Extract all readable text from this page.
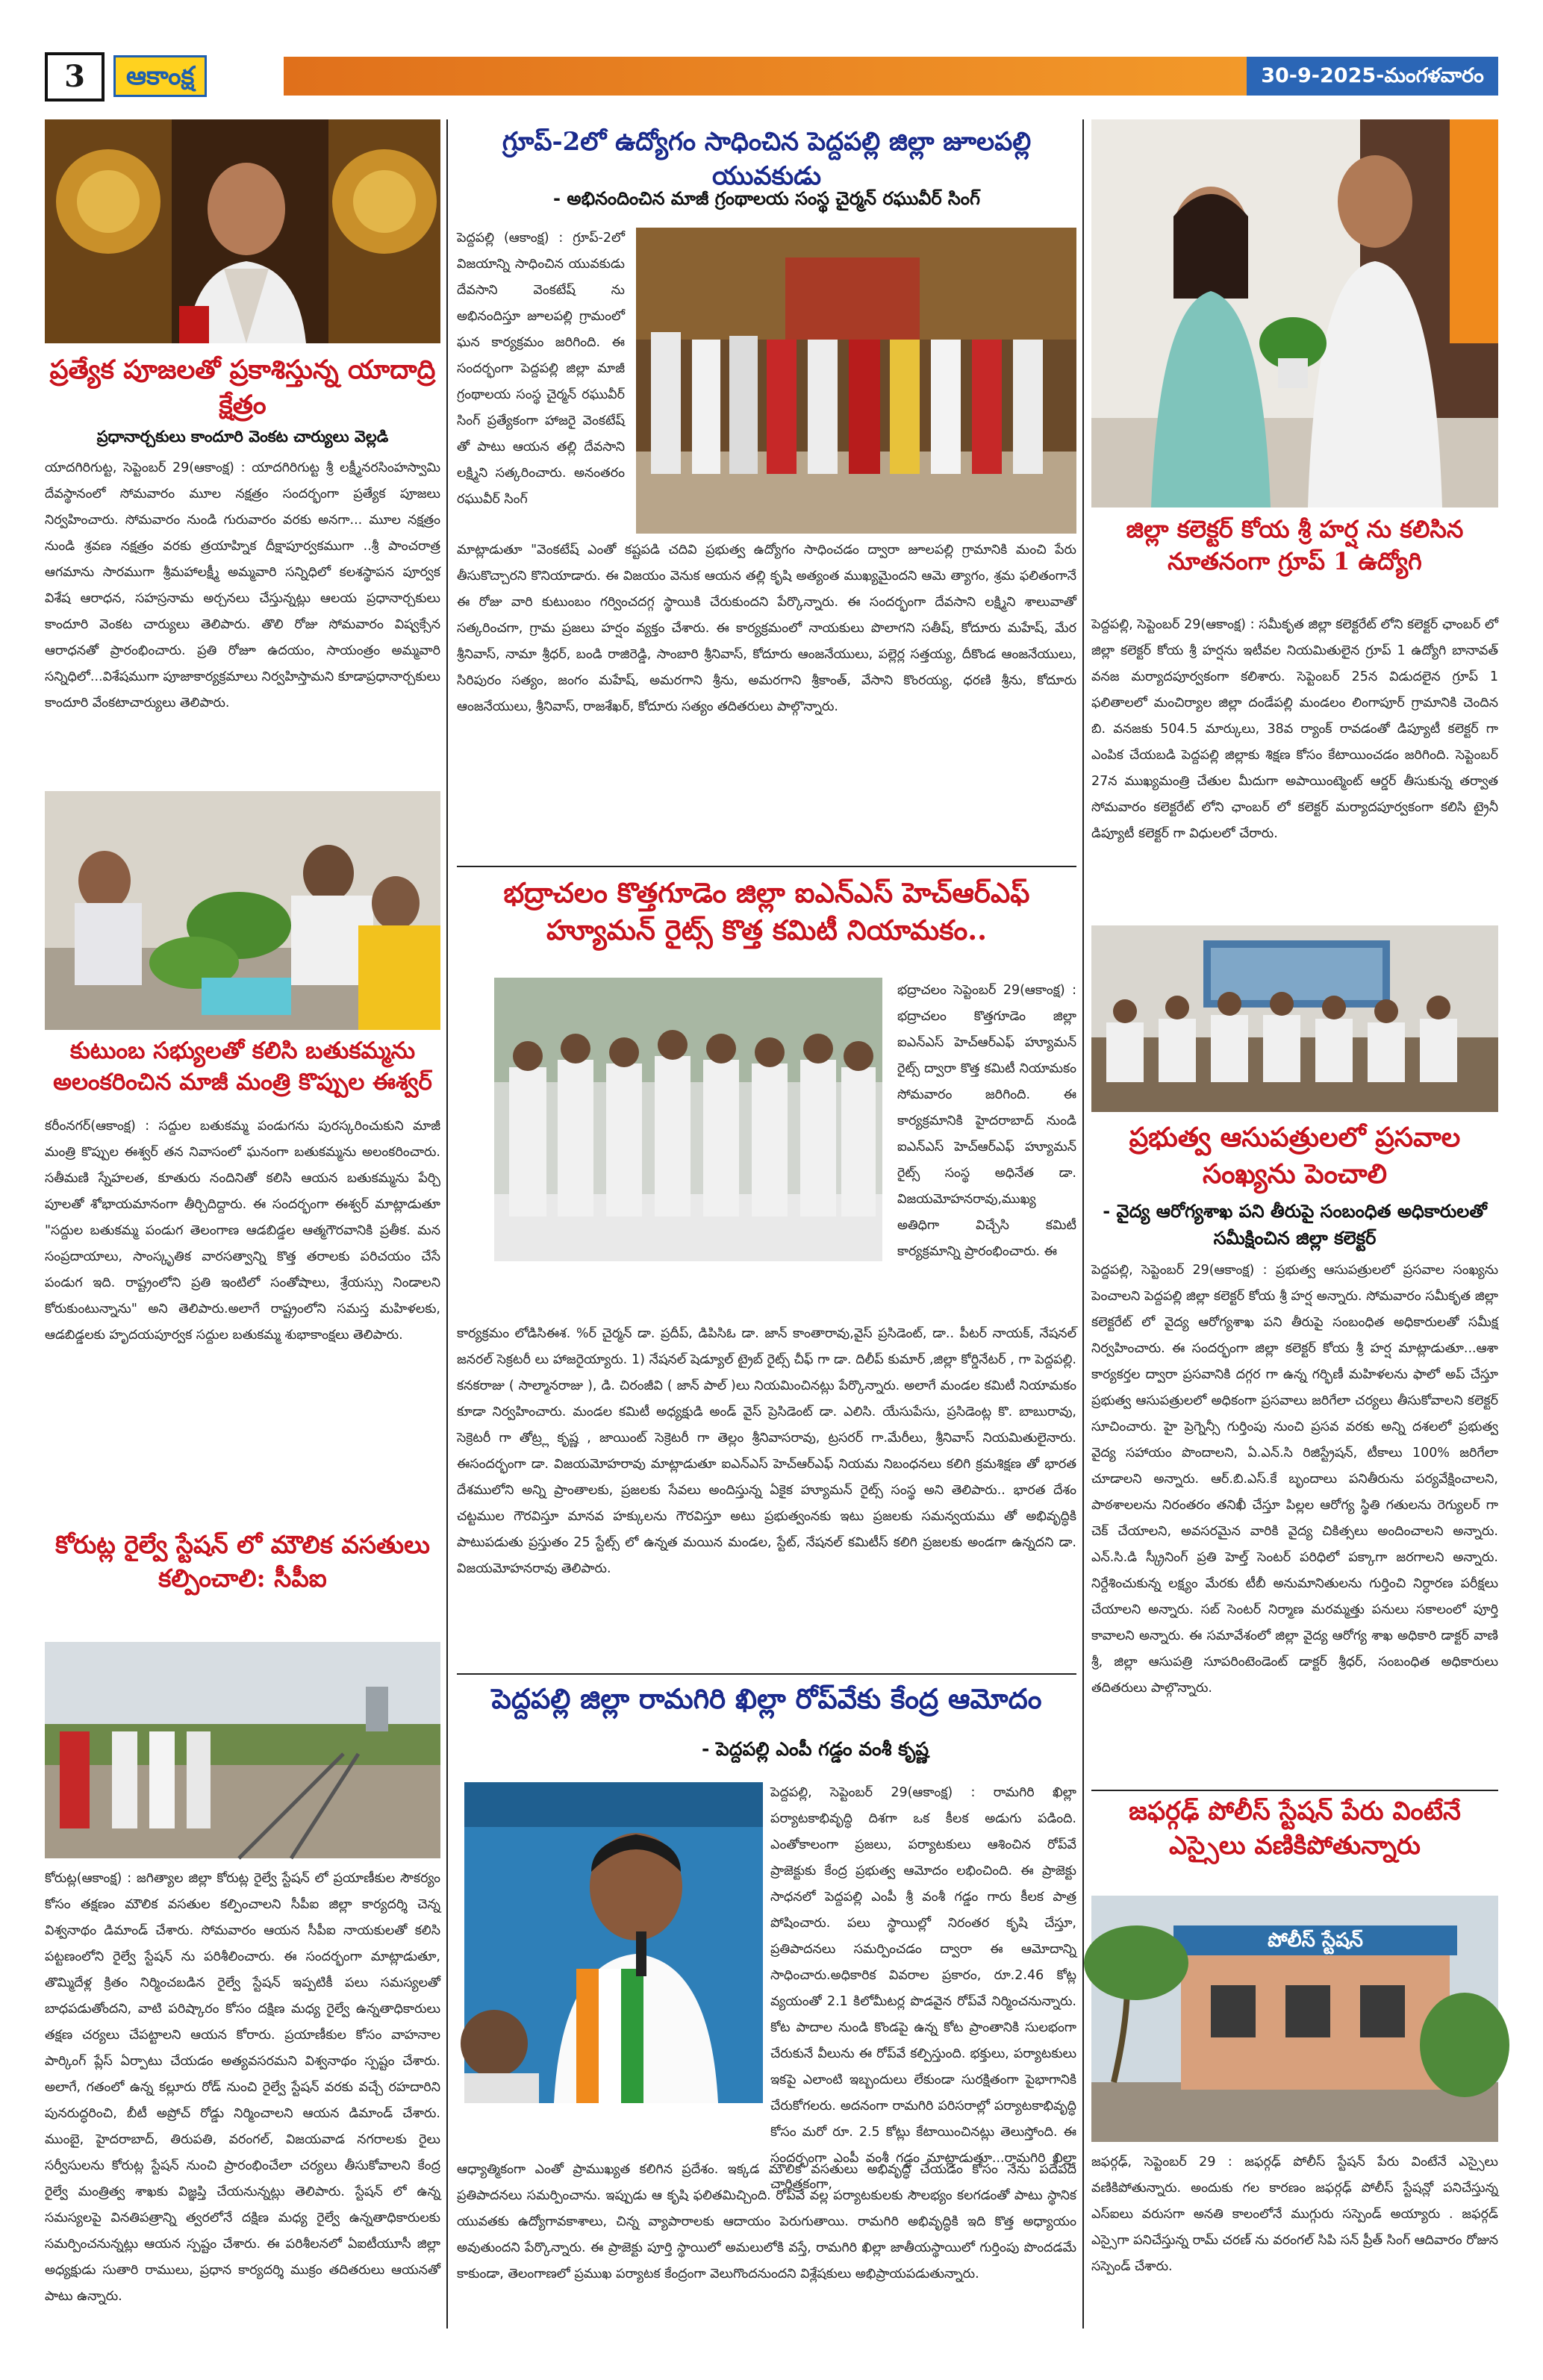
3	ఆకాంక్ష	30-9-2025-మంగళవారం
ప్రత్యేక పూజలతో ప్రకాశిస్తున్న యాదాద్రి క్షేత్రం
ప్రధానార్చకులు కాందూరి వెంకట చార్యులు వెల్లడి
యాదగిరిగుట్ట, సెప్టెంబర్ 29(ఆకాంక్ష) : యాదగిరిగుట్ట శ్రీ లక్ష్మీనరసింహస్వామి దేవస్థానంలో సోమవారం మూల నక్షత్రం సందర్భంగా ప్రత్యేక పూజలు నిర్వహించారు. సోమవారం నుండి గురువారం వరకు అనగా... మూల నక్షత్రం నుండి శ్రవణ నక్షత్రం వరకు త్రయాహ్నిక దీక్షాపూర్వకముగా ..శ్రీ పాంచరాత్ర ఆగమాను సారముగా శ్రీమహాలక్ష్మీ అమ్మవారి సన్నిధిలో కలశస్థాపన పూర్వక విశేష ఆరాధన, సహస్రనామ అర్చనలు చేస్తున్నట్లు ఆలయ ప్రధానార్చకులు కాందూరి వెంకట చార్యులు తెలిపారు. తొలి రోజు సోమవారం విష్వక్సేన ఆరాధనతో ప్రారంభించారు. ప్రతి రోజూ ఉదయం, సాయంత్రం అమ్మవారి సన్నిధిలో...విశేషముగా పూజాకార్యక్రమాలు నిర్వహిస్తామని కూడాప్రధానార్చకులు కాందూరి వేంకటాచార్యులు తెలిపారు.
కుటుంబ సభ్యులతో కలిసి బతుకమ్మను అలంకరించిన మాజీ మంత్రి కొప్పుల ఈశ్వర్
కరీంనగర్(ఆకాంక్ష) : సద్దుల బతుకమ్మ పండుగను పురస్కరించుకుని మాజీ మంత్రి కొప్పుల ఈశ్వర్ తన నివాసంలో ఘనంగా బతుకమ్మను అలంకరించారు. సతీమణి స్నేహలత, కూతురు నందినితో కలిసి ఆయన బతుకమ్మను పేర్చి పూలతో శోభాయమానంగా తీర్చిదిద్దారు. ఈ సందర్భంగా ఈశ్వర్ మాట్లాడుతూ "సద్దుల బతుకమ్మ పండుగ తెలంగాణ ఆడబిడ్డల ఆత్మగౌరవానికి ప్రతీక. మన సంప్రదాయాలు, సాంస్కృతిక వారసత్వాన్ని కొత్త తరాలకు పరిచయం చేసే పండుగ ఇది. రాష్ట్రంలోని ప్రతి ఇంటిలో సంతోషాలు, శ్రేయస్సు నిండాలని కోరుకుంటున్నాను" అని తెలిపారు.అలాగే రాష్ట్రంలోని సమస్త మహిళలకు, ఆడబిడ్డలకు హృదయపూర్వక సద్దుల బతుకమ్మ శుభాకాంక్షలు తెలిపారు.
కోరుట్ల రైల్వే స్టేషన్ లో మౌలిక వసతులు కల్పించాలి: సీపీఐ
కోరుట్ల(ఆకాంక్ష) : జగిత్యాల జిల్లా కోరుట్ల రైల్వే స్టేషన్ లో ప్రయాణీకుల సౌకర్యం కోసం తక్షణం మౌలిక వసతుల కల్పించాలని సీపీఐ జిల్లా కార్యదర్శి చెన్న విశ్వనాథం డిమాండ్ చేశారు. సోమవారం ఆయన సీపీఐ నాయకులతో కలిసి పట్టణంలోని రైల్వే స్టేషన్ ను పరిశీలించారు. ఈ సందర్భంగా మాట్లాడుతూ, తొమ్మిదేళ్ల క్రితం నిర్మించబడిన రైల్వే స్టేషన్ ఇప్పటికీ పలు సమస్యలతో బాధపడుతోందని, వాటి పరిష్కారం కోసం దక్షిణ మధ్య రైల్వే ఉన్నతాధికారులు తక్షణ చర్యలు చేపట్టాలని ఆయన కోరారు. ప్రయాణీకుల కోసం వాహనాల పార్కింగ్ ప్లేస్ ఏర్పాటు చేయడం అత్యవసరమని విశ్వనాథం స్పష్టం చేశారు. అలాగే, గతంలో ఉన్న కల్లూరు రోడ్ నుంచి రైల్వే స్టేషన్ వరకు వచ్చే రహదారిని పునరుద్ధరించి, బీటీ అప్రోచ్ రోడ్డు నిర్మించాలని ఆయన డిమాండ్ చేశారు. ముంబై, హైదరాబాద్, తిరుపతి, వరంగల్, విజయవాడ నగరాలకు రైలు సర్వీసులను కోరుట్ల స్టేషన్ నుంచి ప్రారంభించేలా చర్యలు తీసుకోవాలని కేంద్ర రైల్వే మంత్రిత్వ శాఖకు విజ్ఞప్తి చేయనున్నట్లు తెలిపారు. స్టేషన్ లో ఉన్న సమస్యలపై వినతిపత్రాన్ని త్వరలోనే దక్షిణ మధ్య రైల్వే ఉన్నతాధికారులకు సమర్పించనున్నట్లు ఆయన స్పష్టం చేశారు. ఈ పరిశీలనలో ఏఐటీయూసీ జిల్లా అధ్యక్షుడు సుతారి రాములు, ప్రధాన కార్యదర్శి ముక్రం తదితరులు ఆయనతో పాటు ఉన్నారు.
గ్రూప్-2లో ఉద్యోగం సాధించిన పెద్దపల్లి జిల్లా జూలపల్లి యువకుడు
- అభినందించిన మాజీ గ్రంథాలయ సంస్థ చైర్మన్ రఘువీర్ సింగ్
పెద్దపల్లి (ఆకాంక్ష) : గ్రూప్-2లో విజయాన్ని సాధించిన యువకుడు దేవసాని వెంకటేష్ ను అభినందిస్తూ జూలపల్లి గ్రామంలో ఘన కార్యక్రమం జరిగింది. ఈ సందర్భంగా పెద్దపల్లి జిల్లా మాజీ గ్రంథాలయ సంస్థ చైర్మన్ రఘువీర్ సింగ్ ప్రత్యేకంగా హాజరై వెంకటేష్ తో పాటు ఆయన తల్లి దేవసాని లక్ష్మిని సత్కరించారు. అనంతరం రఘువీర్ సింగ్
మాట్లాడుతూ "వెంకటేష్ ఎంతో కష్టపడి చదివి ప్రభుత్వ ఉద్యోగం సాధించడం ద్వారా జూలపల్లి గ్రామానికి మంచి పేరు తీసుకొచ్చారని కొనియాడారు. ఈ విజయం వెనుక ఆయన తల్లి కృషి అత్యంత ముఖ్యమైందని ఆమె త్యాగం, శ్రమ ఫలితంగానే ఈ రోజు వారి కుటుంబం గర్వించదగ్గ స్థాయికి చేరుకుందని పేర్కొన్నారు. ఈ సందర్భంగా దేవసాని లక్ష్మిని శాలువాతో సత్కరించగా, గ్రామ ప్రజలు హర్షం వ్యక్తం చేశారు. ఈ కార్యక్రమంలో నాయకులు పొలాగని సతీష్, కోదూరు మహేష్, మేర శ్రీనివాస్, నామా శ్రీధర్, బండి రాజిరెడ్డి, సాంబారి శ్రీనివాస్, కోదూరు ఆంజనేయులు, పల్లెర్ల సత్తయ్య, దీకొండ ఆంజనేయులు, సిరిపురం సత్యం, జంగం మహేష్, అమరగాని శ్రీను, అమరగాని శ్రీకాంత్, వేసాని కొంరయ్య, ధరణి శ్రీను, కోదూరు ఆంజనేయులు, శ్రీనివాస్, రాజశేఖర్, కోదూరు సత్యం తదితరులు పాల్గొన్నారు.
భద్రాచలం కొత్తగూడెం జిల్లా ఐఎన్ఎస్ హెచ్ఆర్ఎఫ్ హ్యూమన్ రైట్స్ కొత్త కమిటీ నియామకం..
భద్రాచలం సెప్టెంబర్ 29(ఆకాంక్ష) : భద్రాచలం కొత్తగూడెం జిల్లా ఐఎన్ఎస్ హెచ్ఆర్ఎఫ్ హ్యూమన్ రైట్స్ ద్వారా కొత్త కమిటీ నియామకం సోమవారం జరిగింది. ఈ కార్యక్రమానికి హైదరాబాద్ నుండి ఐఎన్ఎస్ హెచ్ఆర్ఎఫ్ హ్యూమన్ రైట్స్ సంస్థ అధినేత డా. విజయమోహనరావు,ముఖ్య అతిధిగా విచ్చేసి కమిటీ కార్యక్రమాన్ని ప్రారంభించారు. ఈ
కార్యక్రమం లోడిసిఈశ. %ర్ చైర్మన్ డా. ప్రదీప్, డిపిసిఓ డా. జాన్ కాంతారావు,వైస్ ప్రసిడెంట్, డా.. పీటర్ నాయక్, నేషనల్ జనరల్ సెక్రటరీ లు హాజరైయ్యారు. 1) నేషనల్ షెడ్యూల్ ట్రైబ్ రైట్స్ చీఫ్ గా డా. దిలీప్ కుమార్ ,జిల్లా కోర్డినేటర్ , గా పెద్దపల్లి. కనకరాజు ( సాల్మానరాజు ), డి. చిరంజీవి ( జాన్ పాల్ )లు నియమించినట్లు పేర్కొన్నారు. అలాగే మండల కమిటీ నియామకం కూడా నిర్వహించారు. మండల కమిటీ అధ్యక్షుడి అండ్ వైస్ ప్రెసిడెంట్ డా. ఎలిసి. యేసుపేసు, ప్రసిడెంట్ల కొ. బాబురావు, సెక్రెటరీ గా తోట్ర్ల కృష్ణ , జాయింట్ సెక్రెటరీ గా తెల్లం శ్రీనివాసరావు, ట్రసరర్ గా.మేరీలు, శ్రీనివాస్ నియమితులైనారు. ఈసందర్భంగా డా. విజయమోహరావు మాట్లాడుతూ ఐఎన్ఎస్ హెచ్ఆర్ఎఫ్ నియమ నిబంధనలు కలిగి క్రమశిక్షణ తో భారత దేశములోని అన్ని ప్రాంతాలకు, ప్రజలకు సేవలు అందిస్తున్న ఏకైక హ్యూమన్ రైట్స్ సంస్థ అని తెలిపారు.. భారత దేశం చట్టముల గౌరవిస్తూ మానవ హక్కులను గౌరవిస్తూ అటు ప్రభుత్వంనకు ఇటు ప్రజలకు సమన్వయము తో అభివృద్ధికి పాటుపడుతు ప్రస్తుతం 25 స్టేట్స్ లో ఉన్నత మయిన మండల, స్టేట్, నేషనల్ కమిటీస్ కలిగి ప్రజలకు అండగా ఉన్నదని డా. విజయమోహనరావు తెలిపారు.
పెద్దపల్లి జిల్లా రామగిరి ఖిల్లా రోప్‌వేకు కేంద్ర ఆమోదం
- పెద్దపల్లి ఎంపీ గడ్డం వంశీ కృష్ణ
పెద్దపల్లి, సెప్టెంబర్ 29(ఆకాంక్ష) : రామగిరి ఖిల్లా పర్యాటకాభివృద్ధి దిశగా ఒక కీలక అడుగు పడింది. ఎంతోకాలంగా ప్రజలు, పర్యాటకులు ఆశించిన రోప్‌వే ప్రాజెక్టుకు కేంద్ర ప్రభుత్వ ఆమోదం లభించింది. ఈ ప్రాజెక్టు సాధనలో పెద్దపల్లి ఎంపీ శ్రీ వంశీ గడ్డం గారు కీలక పాత్ర పోషించారు. పలు స్థాయిల్లో నిరంతర కృషి చేస్తూ, ప్రతిపాదనలు సమర్పించడం ద్వారా ఈ ఆమోదాన్ని సాధించారు.అధికారిక వివరాల ప్రకారం, రూ.2.46 కోట్ల వ్యయంతో 2.1 కిలోమీటర్ల పొడవైన రోప్‌వే నిర్మించనున్నారు. కోట పాదాల నుండి కొండపై ఉన్న కోట ప్రాంతానికి సులభంగా చేరుకునే వీలును ఈ రోప్‌వే కల్పిస్తుంది. భక్తులు, పర్యాటకులు ఇకపై ఎలాంటి ఇబ్బందులు లేకుండా సురక్షితంగా పైభాగానికి చేరుకోగలరు. అదనంగా రామగిరి పరిసరాల్లో పర్యాటకాభివృద్ధి కోసం మరో రూ. 2.5 కోట్లు కేటాయించినట్లు తెలుస్తోంది. ఈ సందర్భంగా ఎంపీ వంశీ గడ్డం మాట్లాడుతూ...రామగిరి ఖిల్లా చారిత్రకంగా,
ఆధ్యాత్మికంగా ఎంతో ప్రాముఖ్యత కలిగిన ప్రదేశం. ఇక్కడ మౌలిక వసతులు అభివృద్ధి చేయడం కోసం నేను పదేపదే ప్రతిపాదనలు సమర్పించాను. ఇప్పుడు ఆ కృషి ఫలితమిచ్చింది. రోప్‌వే వల్ల పర్యాటకులకు సౌలభ్యం కలగడంతో పాటు స్థానిక యువతకు ఉద్యోగావకాశాలు, చిన్న వ్యాపారాలకు ఆదాయం పెరుగుతాయి. రామగిరి అభివృద్ధికి ఇది కొత్త అధ్యాయం అవుతుందని పేర్కొన్నారు. ఈ ప్రాజెక్టు పూర్తి స్థాయిలో అమలులోకి వస్తే, రామగిరి ఖిల్లా జాతీయస్థాయిలో గుర్తింపు పొందడమే కాకుండా, తెలంగాణలో ప్రముఖ పర్యాటక కేంద్రంగా వెలుగొందనుందని విశ్లేషకులు అభిప్రాయపడుతున్నారు.
జిల్లా కలెక్టర్ కోయ శ్రీ హర్ష ను కలిసిన నూతనంగా గ్రూప్ 1 ఉద్యోగి
పెద్దపల్లి, సెప్టెంబర్ 29(ఆకాంక్ష) : సమీకృత జిల్లా కలెక్టరేట్ లోని కలెక్టర్ ఛాంబర్ లో జిల్లా కలెక్టర్ కోయ శ్రీ హర్షను ఇటీవల నియమితులైన గ్రూప్ 1 ఉద్యోగి బానావత్ వనజ మర్యాదపూర్వకంగా కలిశారు. సెప్టెంబర్ 25న విడుదలైన గ్రూప్ 1 ఫలితాలలో మంచిర్యాల జిల్లా దండేపల్లి మండలం లింగాపూర్ గ్రామానికి చెందిన బి. వనజకు 504.5 మార్కులు, 38వ ర్యాంక్ రావడంతో డిప్యూటీ కలెక్టర్ గా ఎంపిక చేయబడి పెద్దపల్లి జిల్లాకు శిక్షణ కోసం కేటాయించడం జరిగింది. సెప్టెంబర్ 27న ముఖ్యమంత్రి చేతుల మీదుగా అపాయింట్మెంట్ ఆర్డర్ తీసుకున్న తర్వాత సోమవారం కలెక్టరేట్ లోని ఛాంబర్ లో కలెక్టర్ మర్యాదపూర్వకంగా కలిసి ట్రైనీ డిప్యూటీ కలెక్టర్ గా విధులలో చేరారు.
ప్రభుత్వ ఆసుపత్రులలో ప్రసవాల సంఖ్యను పెంచాలి
- వైద్య ఆరోగ్యశాఖ పని తీరుపై సంబంధిత అధికారులతో సమీక్షించిన జిల్లా కలెక్టర్
పెద్దపల్లి, సెప్టెంబర్ 29(ఆకాంక్ష) : ప్రభుత్వ ఆసుపత్రులలో ప్రసవాల సంఖ్యను పెంచాలని పెద్దపల్లి జిల్లా కలెక్టర్ కోయ శ్రీ హర్ష అన్నారు. సోమవారం సమీకృత జిల్లా కలెక్టరేట్ లో వైద్య ఆరోగ్యశాఖ పని తీరుపై సంబంధిత అధికారులతో సమీక్ష నిర్వహించారు. ఈ సందర్భంగా జిల్లా కలెక్టర్ కోయ శ్రీ హర్ష మాట్లాడుతూ...ఆశా కార్యకర్తల ద్వారా ప్రసవానికి దగ్గర గా ఉన్న గర్భిణీ మహిళలను ఫాలో అప్ చేస్తూ ప్రభుత్వ ఆసుపత్రులలో అధికంగా ప్రసవాలు జరిగేలా చర్యలు తీసుకోవాలని కలెక్టర్ సూచించారు. హై ప్రెగ్నెన్సీ గుర్తింపు నుంచి ప్రసవ వరకు అన్ని దశలలో ప్రభుత్వ వైద్య సహాయం పొందాలని, ఏ.ఎన్.సి రిజిస్ట్రేషన్, టీకాలు 100% జరిగేలా చూడాలని అన్నారు. ఆర్.బి.ఎస్.కే బృందాలు పనితీరును పర్యవేక్షించాలని, పాఠశాలలను నిరంతరం తనిఖీ చేస్తూ పిల్లల ఆరోగ్య స్థితి గతులను రెగ్యులర్ గా చెక్ చేయాలని, అవసరమైన వారికి వైద్య చికిత్సలు అందించాలని అన్నారు. ఎన్.సి.డి స్క్రీనింగ్ ప్రతి హెల్త్ సెంటర్ పరిధిలో పక్కాగా జరగాలని అన్నారు. నిర్దేశించుకున్న లక్ష్యం మేరకు టీబీ అనుమానితులను గుర్తించి నిర్ధారణ పరీక్షలు చేయాలని అన్నారు. సబ్ సెంటర్ నిర్మాణ మరమ్మత్తు పనులు సకాలంలో పూర్తి కావాలని అన్నారు. ఈ సమావేశంలో జిల్లా వైద్య ఆరోగ్య శాఖ అధికారి డాక్టర్ వాణి శ్రీ, జిల్లా ఆసుపత్రి సూపరింటెండెంట్ డాక్టర్ శ్రీధర్, సంబంధిత అధికారులు తదితరులు పాల్గొన్నారు.
జఫర్గఢ్ పోలీస్ స్టేషన్ పేరు వింటేనే ఎస్సైలు వణికిపోతున్నారు
పోలీస్ స్టేషన్
జఫర్గఢ్, సెప్టెంబర్ 29 : జఫర్గఢ్ పోలీస్ స్టేషన్ పేరు వింటేనే ఎస్సైలు వణికిపోతున్నారు. అందుకు గల కారణం జఫర్గఢ్ పోలీస్ స్టేషన్లో పనిచేస్తున్న ఎస్ఐలు వరుసగా అనతి కాలంలోనే ముగ్గురు సస్పెండ్ అయ్యారు . జఫర్గడ్ ఎస్సైగా పనిచేస్తున్న రామ్ చరణ్ ను వరంగల్ సిపి సన్ ప్రీత్ సింగ్ ఆదివారం రోజున సస్పెండ్ చేశారు.
